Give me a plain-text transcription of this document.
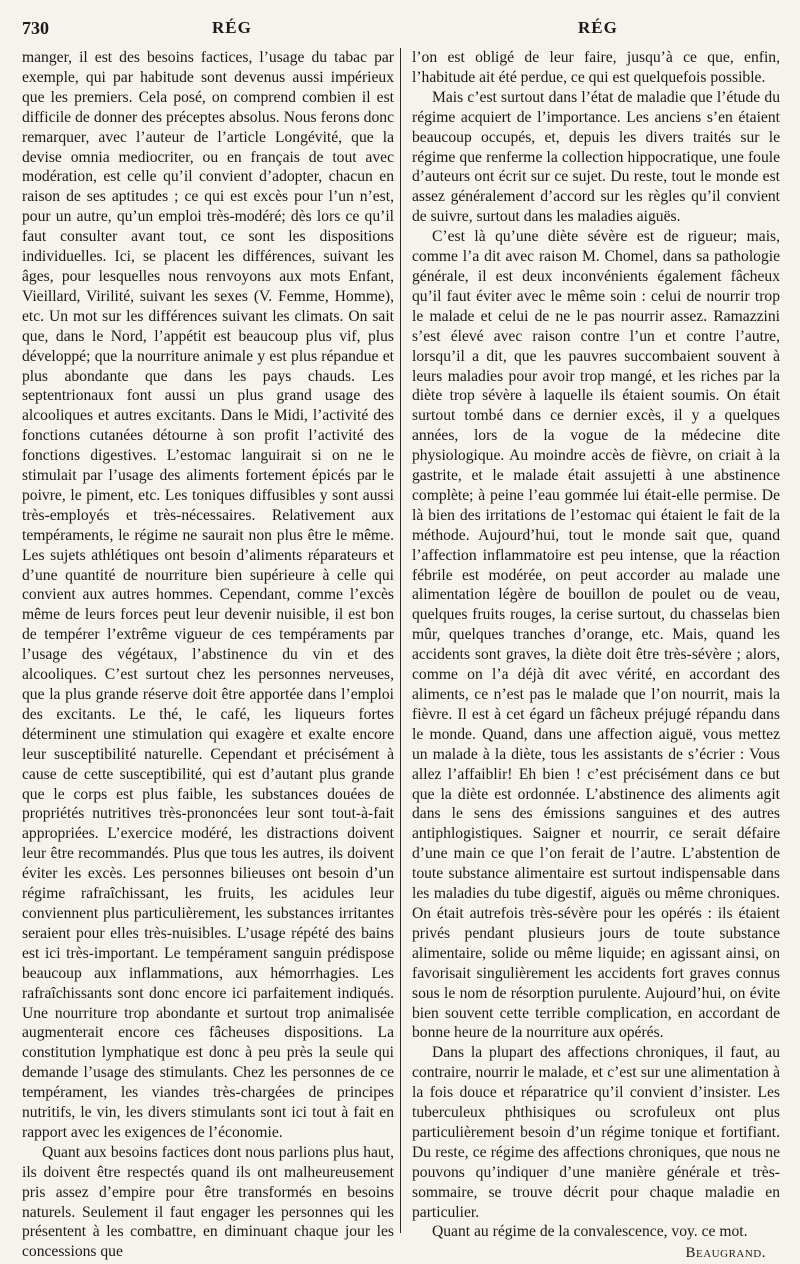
730	RÉG	RÉG

manger, il est des besoins factices, l’usage du tabac par exemple, qui par habitude sont devenus aussi impérieux que les premiers. Cela posé, on comprend combien il est difficile de donner des préceptes absolus. Nous ferons donc remarquer, avec l’auteur de l’article Longévité, que la devise omnia mediocriter, ou en français de tout avec modération, est celle qu’il convient d’adopter, chacun en raison de ses aptitudes ; ce qui est excès pour l’un n’est, pour un autre, qu’un emploi très-modéré; dès lors ce qu’il faut consulter avant tout, ce sont les dispositions individuelles. Ici, se placent les différences, suivant les âges, pour lesquelles nous renvoyons aux mots Enfant, Vieillard, Virilité, suivant les sexes (V. Femme, Homme), etc. Un mot sur les différences suivant les climats. On sait que, dans le Nord, l’appétit est beaucoup plus vif, plus développé; que la nourriture animale y est plus répandue et plus abondante que dans les pays chauds. Les septentrionaux font aussi un plus grand usage des alcooliques et autres excitants. Dans le Midi, l’activité des fonctions cutanées détourne à son profit l’activité des fonctions digestives. L’estomac languirait si on ne le stimulait par l’usage des aliments fortement épicés par le poivre, le piment, etc. Les toniques diffusibles y sont aussi très-employés et très-nécessaires. Relativement aux tempéraments, le régime ne saurait non plus être le même. Les sujets athlétiques ont besoin d’aliments réparateurs et d’une quantité de nourriture bien supérieure à celle qui convient aux autres hommes. Cependant, comme l’excès même de leurs forces peut leur devenir nuisible, il est bon de tempérer l’extrême vigueur de ces tempéraments par l’usage des végétaux, l’abstinence du vin et des alcooliques. C’est surtout chez les personnes nerveuses, que la plus grande réserve doit être apportée dans l’emploi des excitants. Le thé, le café, les liqueurs fortes déterminent une stimulation qui exagère et exalte encore leur susceptibilité naturelle. Cependant et précisément à cause de cette susceptibilité, qui est d’autant plus grande que le corps est plus faible, les substances douées de propriétés nutritives très-prononcées leur sont tout-à-fait appropriées. L’exercice modéré, les distractions doivent leur être recommandés. Plus que tous les autres, ils doivent éviter les excès. Les personnes bilieuses ont besoin d’un régime rafraîchissant, les fruits, les acidules leur conviennent plus particulièrement, les substances irritantes seraient pour elles très-nuisibles. L’usage répété des bains est ici très-important. Le tempérament sanguin prédispose beaucoup aux inflammations, aux hémorrhagies. Les rafraîchissants sont donc encore ici parfaitement indiqués. Une nourriture trop abondante et surtout trop animalisée augmenterait encore ces fâcheuses dispositions. La constitution lymphatique est donc à peu près la seule qui demande l’usage des stimulants. Chez les personnes de ce tempérament, les viandes très-chargées de principes nutritifs, le vin, les divers stimulants sont ici tout à fait en rapport avec les exigences de l’économie.

Quant aux besoins factices dont nous parlions plus haut, ils doivent être respectés quand ils ont malheureusement pris assez d’empire pour être transformés en besoins naturels. Seulement il faut engager les personnes qui les présentent à les combattre, en diminuant chaque jour les concessions que

l’on est obligé de leur faire, jusqu’à ce que, enfin, l’habitude ait été perdue, ce qui est quelquefois possible.

Mais c’est surtout dans l’état de maladie que l’étude du régime acquiert de l’importance. Les anciens s’en étaient beaucoup occupés, et, depuis les divers traités sur le régime que renferme la collection hippocratique, une foule d’auteurs ont écrit sur ce sujet. Du reste, tout le monde est assez généralement d’accord sur les règles qu’il convient de suivre, surtout dans les maladies aiguës.

C’est là qu’une diète sévère est de rigueur; mais, comme l’a dit avec raison M. Chomel, dans sa pathologie générale, il est deux inconvénients également fâcheux qu’il faut éviter avec le même soin : celui de nourrir trop le malade et celui de ne le pas nourrir assez. Ramazzini s’est élevé avec raison contre l’un et contre l’autre, lorsqu’il a dit, que les pauvres succombaient souvent à leurs maladies pour avoir trop mangé, et les riches par la diète trop sévère à laquelle ils étaient soumis. On était surtout tombé dans ce dernier excès, il y a quelques années, lors de la vogue de la médecine dite physiologique. Au moindre accès de fièvre, on criait à la gastrite, et le malade était assujetti à une abstinence complète; à peine l’eau gommée lui était-elle permise. De là bien des irritations de l’estomac qui étaient le fait de la méthode. Aujourd’hui, tout le monde sait que, quand l’affection inflammatoire est peu intense, que la réaction fébrile est modérée, on peut accorder au malade une alimentation légère de bouillon de poulet ou de veau, quelques fruits rouges, la cerise surtout, du chasselas bien mûr, quelques tranches d’orange, etc. Mais, quand les accidents sont graves, la diète doit être très-sévère ; alors, comme on l’a déjà dit avec vérité, en accordant des aliments, ce n’est pas le malade que l’on nourrit, mais la fièvre. Il est à cet égard un fâcheux préjugé répandu dans le monde. Quand, dans une affection aiguë, vous mettez un malade à la diète, tous les assistants de s’écrier : Vous allez l’affaiblir! Eh bien ! c’est précisément dans ce but que la diète est ordonnée. L’abstinence des aliments agit dans le sens des émissions sanguines et des autres antiphlogistiques. Saigner et nourrir, ce serait défaire d’une main ce que l’on ferait de l’autre. L’abstention de toute substance alimentaire est surtout indispensable dans les maladies du tube digestif, aiguës ou même chroniques. On était autrefois très-sévère pour les opérés : ils étaient privés pendant plusieurs jours de toute substance alimentaire, solide ou même liquide; en agissant ainsi, on favorisait singulièrement les accidents fort graves connus sous le nom de résorption purulente. Aujourd’hui, on évite bien souvent cette terrible complication, en accordant de bonne heure de la nourriture aux opérés.

Dans la plupart des affections chroniques, il faut, au contraire, nourrir le malade, et c’est sur une alimentation à la fois douce et réparatrice qu’il convient d’insister. Les tuberculeux phthisiques ou scrofuleux ont plus particulièrement besoin d’un régime tonique et fortifiant. Du reste, ce régime des affections chroniques, que nous ne pouvons qu’indiquer d’une manière générale et très-sommaire, se trouve décrit pour chaque maladie en particulier.

Quant au régime de la convalescence, voy. ce mot.

Beaugrand.
